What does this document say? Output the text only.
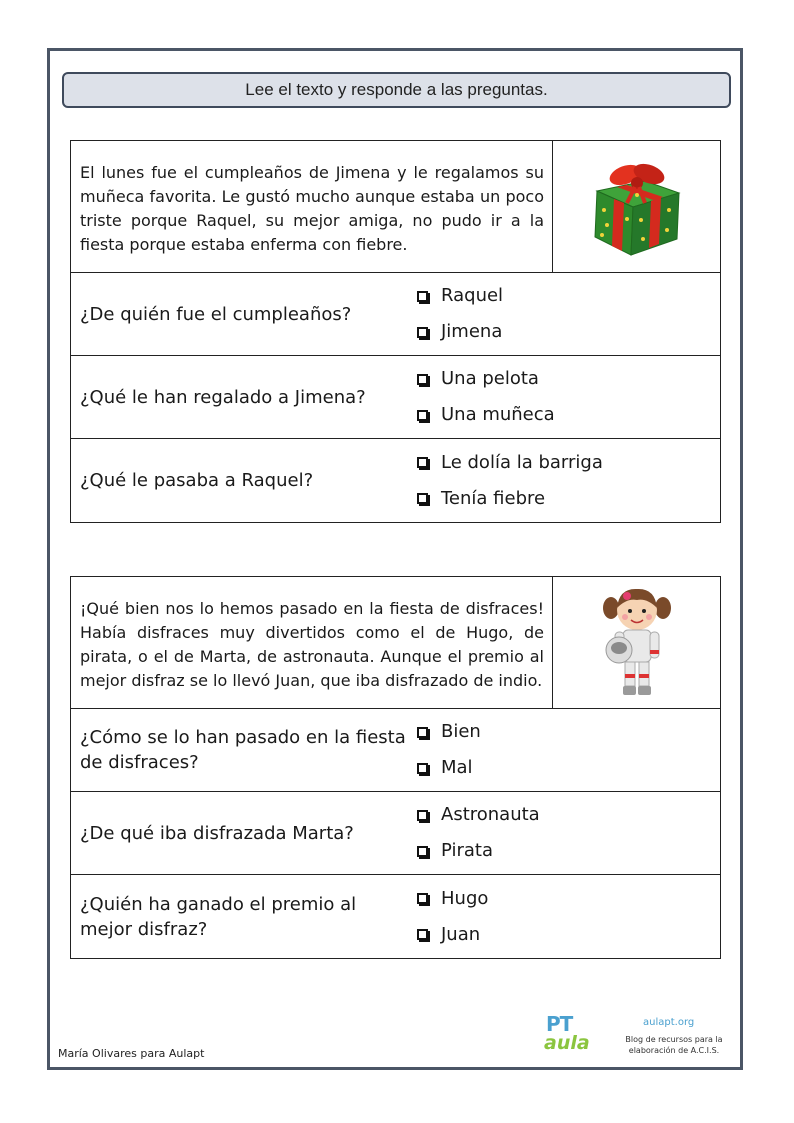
Lee el texto y responde a las preguntas.
El lunes fue el cumpleaños de Jimena y le regalamos su muñeca favorita. Le gustó mucho aunque estaba un poco triste porque Raquel, su mejor amiga, no pudo ir a la fiesta porque estaba enferma con fiebre.
¿De quién fue el cumpleaños?
Raquel
Jimena
¿Qué le han regalado a Jimena?
Una pelota
Una muñeca
¿Qué le pasaba a Raquel?
Le dolía la barriga
Tenía fiebre
¡Qué bien nos lo hemos pasado en la fiesta de disfraces! Había disfraces muy divertidos como el de Hugo, de pirata, o el de Marta, de astronauta. Aunque el premio al mejor disfraz se lo llevó Juan, que iba disfrazado de indio.
¿Cómo se lo han pasado en la fiesta de disfraces?
Bien
Mal
¿De qué iba disfrazada Marta?
Astronauta
Pirata
¿Quién ha ganado el premio al mejor disfraz?
Hugo
Juan
María Olivares para Aulapt
PT
aula
aulapt.org
Blog de recursos para la elaboración de A.C.I.S.
